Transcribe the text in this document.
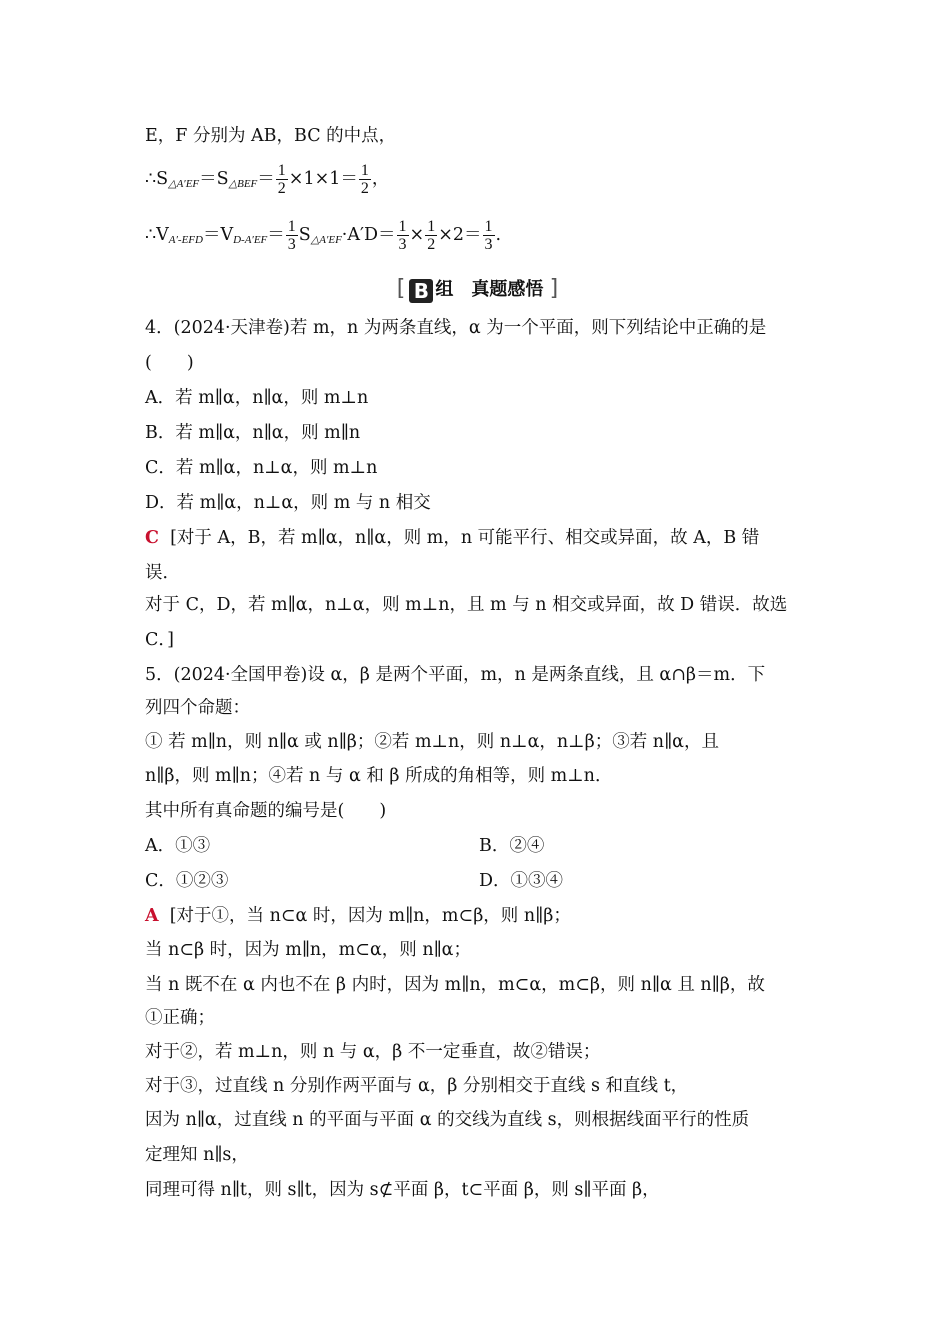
E，F 分别为 AB，BC 的中点，
$\therefore S_{\triangle A'EF}=S_{\triangle BEF}= \frac{1}{2} \times 1\times 1= \frac{1}{2}$ ，
$\therefore V_{A'-EFD}=V_{D-A'EF}= \frac{1}{3} S_{\triangle A'EF}\cdot A'D= \frac{1}{3} \times \frac{1}{2} \times 2= \frac{1}{3}$ .
[ B 组　真题感悟 ]
4．(2024·天津卷)若 m，n 为两条直线，α 为一个平面，则下列结论中正确的是
(　　)
A．若 m∥α，n∥α，则 m⊥n
B．若 m∥α，n∥α，则 m∥n
C．若 m∥α，n⊥α，则 m⊥n
D．若 m∥α，n⊥α，则 m 与 n 相交
C [对于 A，B，若 m∥α，n∥α，则 m，n 可能平行、相交或异面，故 A，B 错
误．
对于 C，D，若 m∥α，n⊥α，则 m⊥n，且 m 与 n 相交或异面，故 D 错误．故选
C．]
5．(2024·全国甲卷)设 α，β 是两个平面，m，n 是两条直线，且 α∩β＝m．下
列四个命题：
① 若 m∥n，则 n∥α 或 n∥β；②若 m⊥n，则 n⊥α，n⊥β；③若 n∥α，且
n∥β，则 m∥n；④若 n 与 α 和 β 所成的角相等，则 m⊥n．
其中所有真命题的编号是(　　)
A．①③	B．②④
C．①②③	D．①③④
A [对于①，当 n⊂α 时，因为 m∥n，m⊂β，则 n∥β；
当 n⊂β 时，因为 m∥n，m⊂α，则 n∥α；
当 n 既不在 α 内也不在 β 内时，因为 m∥n，m⊂α，m⊂β，则 n∥α 且 n∥β，故
①正确；
对于②，若 m⊥n，则 n 与 α，β 不一定垂直，故②错误；
对于③，过直线 n 分别作两平面与 α，β 分别相交于直线 s 和直线 t，
因为 n∥α，过直线 n 的平面与平面 α 的交线为直线 s，则根据线面平行的性质
定理知 n∥s，
同理可得 n∥t，则 s∥t，因为 s⊄平面 β，t⊂平面 β，则 s∥平面 β，
